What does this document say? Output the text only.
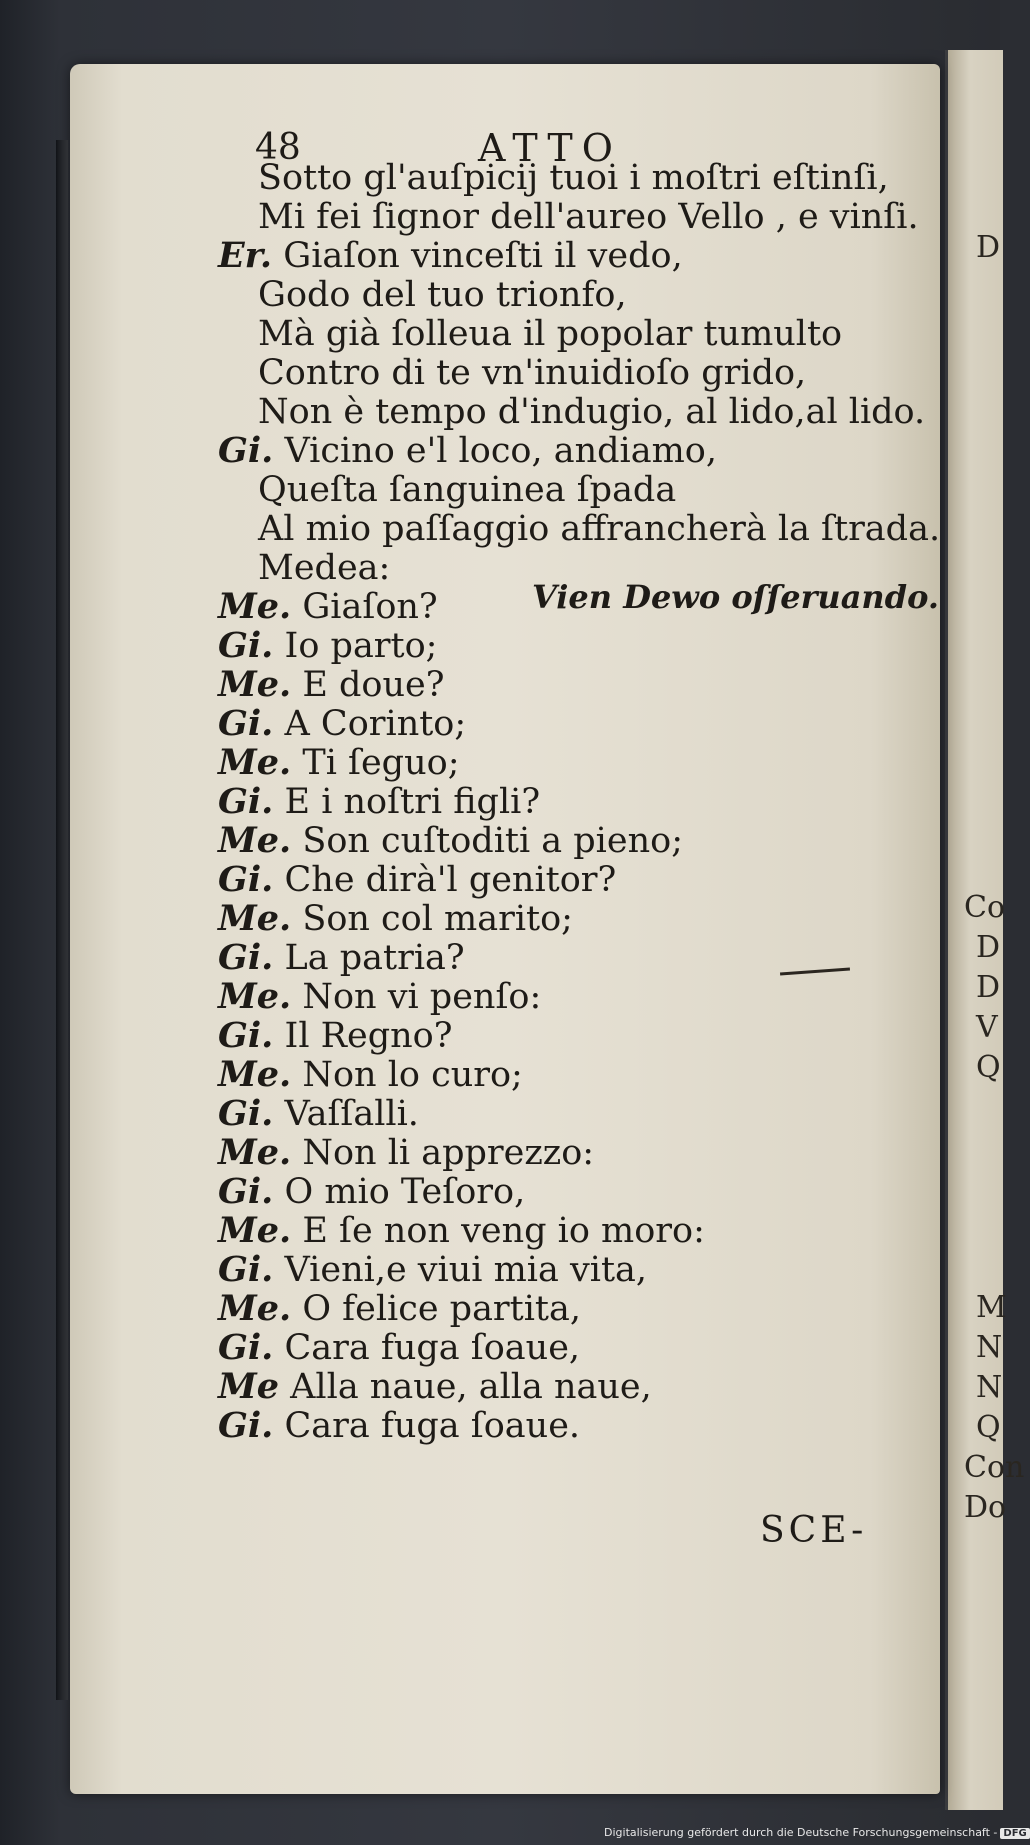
D
Co
D
D
V
Q
M
N
N
Q
Con
Do
48	ATTO
Sotto gl'auſpicij tuoi i moſtri eſtinſi,
Mi fei ſignor dell'aureo Vello , e vinſi.
Er. Giaſon vinceſti il vedo,
Godo del tuo trionfo,
Mà già ſolleua il popolar tumulto
Contro di te vn'inuidioſo grido,
Non è tempo d'indugio, al lido,al lido.
Gi. Vicino e'l loco, andiamo,
Queſta ſanguinea ſpada
Al mio paſſaggio affrancherà la ſtrada.
Medea:
Me. Giaſon?
Gi. Io parto;
Me. E doue?
Gi. A Corinto;
Me. Ti ſeguo;
Gi. E i noſtri figli?
Me. Son cuſtoditi a pieno;
Gi. Che dirà'l genitor?
Me. Son col marito;
Gi. La patria?
Me. Non vi penſo:
Gi. Il Regno?
Me. Non lo curo;
Gi. Vaſſalli.
Me. Non li apprezzo:
Gi. O mio Teſoro,
Me. E ſe non veng io moro:
Gi. Vieni,e viui mia vita,
Me. O felice partita,
Gi. Cara fuga ſoaue,
Me Alla naue, alla naue,
Gi. Cara fuga ſoaue.
Vien Dewo oſſeruando.
SCE-
Digitalisierung gefördert durch die Deutsche Forschungsgemeinschaft - DFG
